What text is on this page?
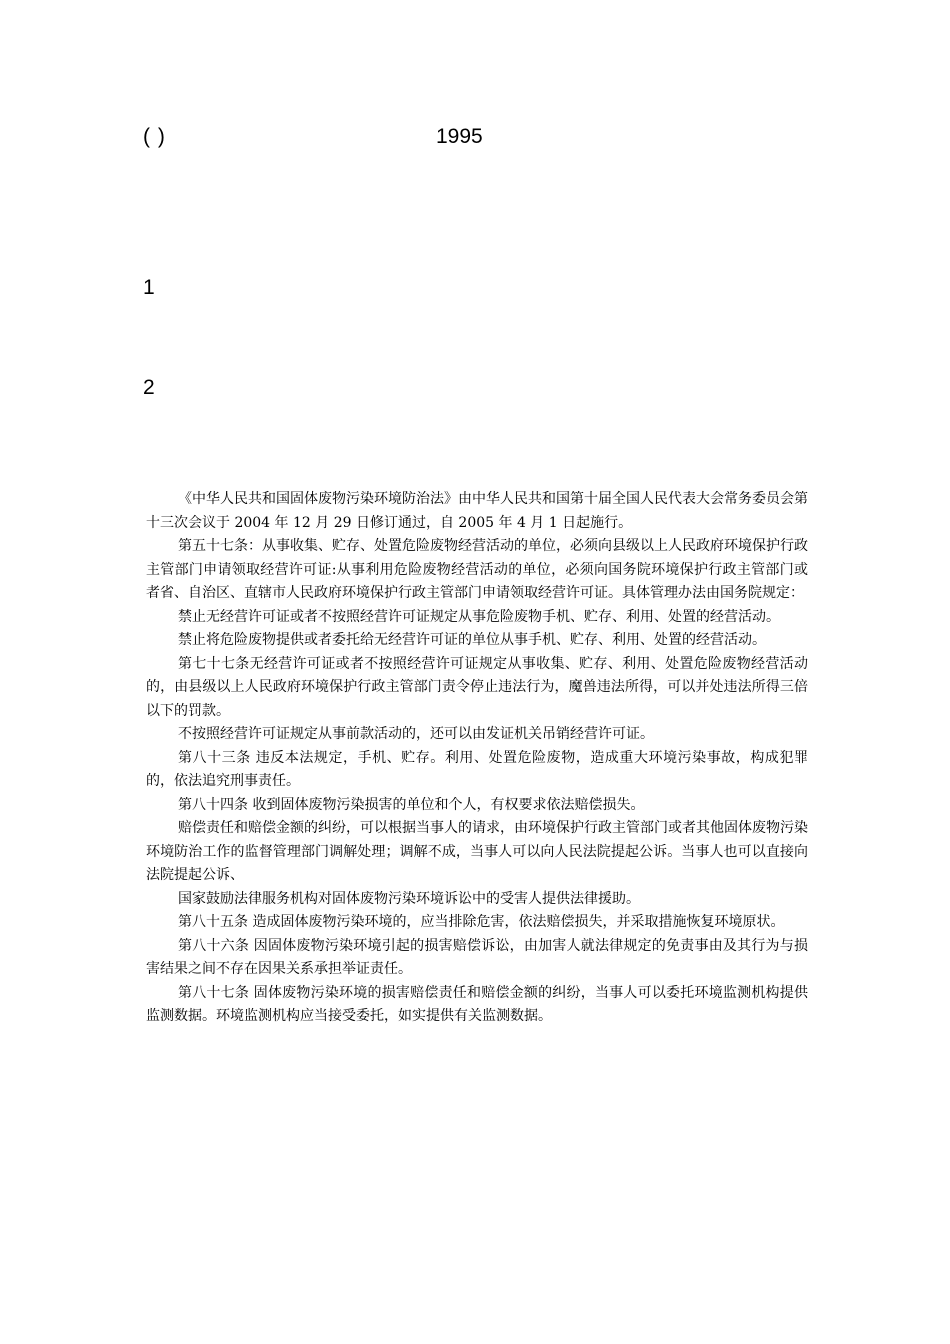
( )	1995
1
2

《中华人民共和国固体废物污染环境防治法》由中华人民共和国第十届全国人民代表大会常务委员会第十三次会议于 2004 年 12 月 29 日修订通过，自 2005 年 4 月 1 日起施行。

第五十七条：从事收集、贮存、处置危险废物经营活动的单位，必须向县级以上人民政府环境保护行政主管部门申请领取经营许可证:从事利用危险废物经营活动的单位，必须向国务院环境保护行政主管部门或者省、自治区、直辖市人民政府环境保护行政主管部门申请领取经营许可证。具体管理办法由国务院规定：

禁止无经营许可证或者不按照经营许可证规定从事危险废物手机、贮存、利用、处置的经营活动。

禁止将危险废物提供或者委托给无经营许可证的单位从事手机、贮存、利用、处置的经营活动。

第七十七条无经营许可证或者不按照经营许可证规定从事收集、贮存、利用、处置危险废物经营活动的，由县级以上人民政府环境保护行政主管部门责令停止违法行为，魔兽违法所得，可以并处违法所得三倍以下的罚款。

不按照经营许可证规定从事前款活动的，还可以由发证机关吊销经营许可证。

第八十三条 违反本法规定，手机、贮存。利用、处置危险废物，造成重大环境污染事故，构成犯罪的，依法追究刑事责任。

第八十四条 收到固体废物污染损害的单位和个人，有权要求依法赔偿损失。

赔偿责任和赔偿金额的纠纷，可以根据当事人的请求，由环境保护行政主管部门或者其他固体废物污染环境防治工作的监督管理部门调解处理；调解不成，当事人可以向人民法院提起公诉。当事人也可以直接向法院提起公诉、

国家鼓励法律服务机构对固体废物污染环境诉讼中的受害人提供法律援助。

第八十五条 造成固体废物污染环境的，应当排除危害，依法赔偿损失，并采取措施恢复环境原状。

第八十六条 因固体废物污染环境引起的损害赔偿诉讼，由加害人就法律规定的免责事由及其行为与损害结果之间不存在因果关系承担举证责任。

第八十七条 固体废物污染环境的损害赔偿责任和赔偿金额的纠纷，当事人可以委托环境监测机构提供监测数据。环境监测机构应当接受委托，如实提供有关监测数据。
